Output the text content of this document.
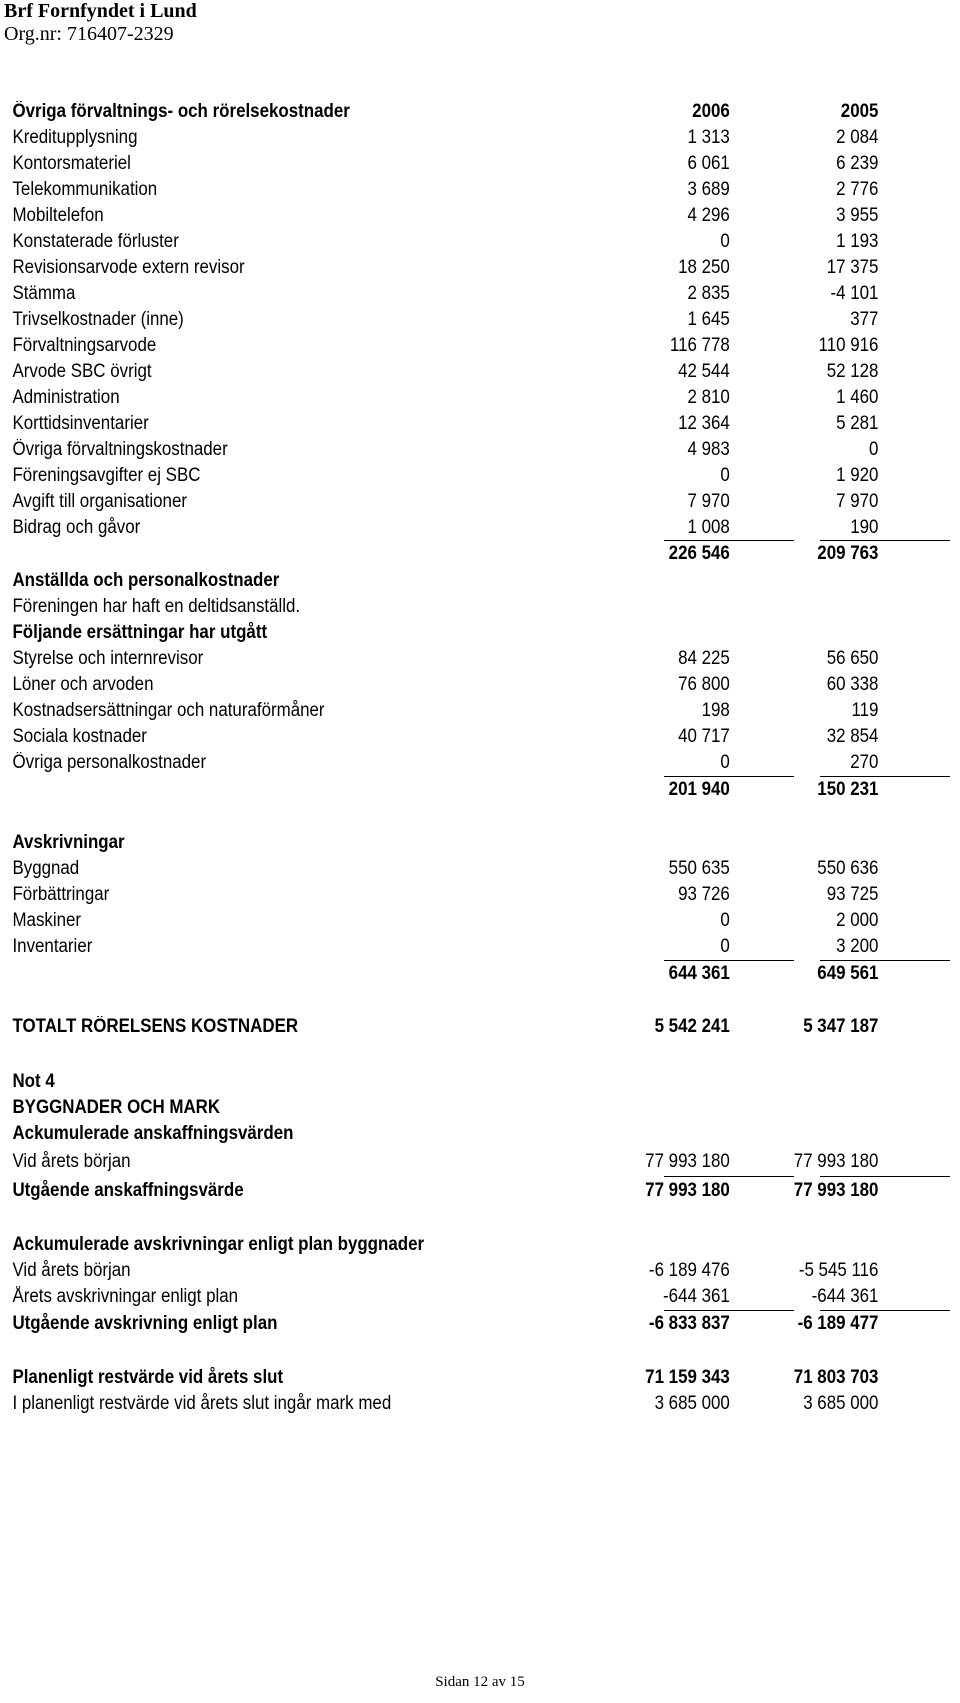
Brf Fornfyndet i Lund
Org.nr: 716407-2329
Övriga förvaltnings- och rörelsekostnader	2006	2005
Kreditupplysning	1 313	2 084
Kontorsmateriel	6 061	6 239
Telekommunikation	3 689	2 776
Mobiltelefon	4 296	3 955
Konstaterade förluster	0	1 193
Revisionsarvode extern revisor	18 250	17 375
Stämma	2 835	-4 101
Trivselkostnader (inne)	1 645	377
Förvaltningsarvode	116 778	110 916
Arvode SBC övrigt	42 544	52 128
Administration	2 810	1 460
Korttidsinventarier	12 364	5 281
Övriga förvaltningskostnader	4 983	0
Föreningsavgifter ej SBC	0	1 920
Avgift till organisationer	7 970	7 970
Bidrag och gåvor	1 008	190
226 546	209 763
Anställda och personalkostnader
Föreningen har haft en deltidsanställd.
Följande ersättningar har utgått
Styrelse och internrevisor	84 225	56 650
Löner och arvoden	76 800	60 338
Kostnadsersättningar och naturaförmåner	198	119
Sociala kostnader	40 717	32 854
Övriga personalkostnader	0	270
201 940	150 231
Avskrivningar
Byggnad	550 635	550 636
Förbättringar	93 726	93 725
Maskiner	0	2 000
Inventarier	0	3 200
644 361	649 561
TOTALT RÖRELSENS KOSTNADER	5 542 241	5 347 187
Not 4
BYGGNADER OCH MARK
Ackumulerade anskaffningsvärden
Vid årets början	77 993 180	77 993 180
Utgående anskaffningsvärde	77 993 180	77 993 180
Ackumulerade avskrivningar enligt plan byggnader
Vid årets början	-6 189 476	-5 545 116
Årets avskrivningar enligt plan	-644 361	-644 361
Utgående avskrivning enligt plan	-6 833 837	-6 189 477
Planenligt restvärde vid årets slut	71 159 343	71 803 703
I planenligt restvärde vid årets slut ingår mark med	3 685 000	3 685 000
Sidan 12 av 15
